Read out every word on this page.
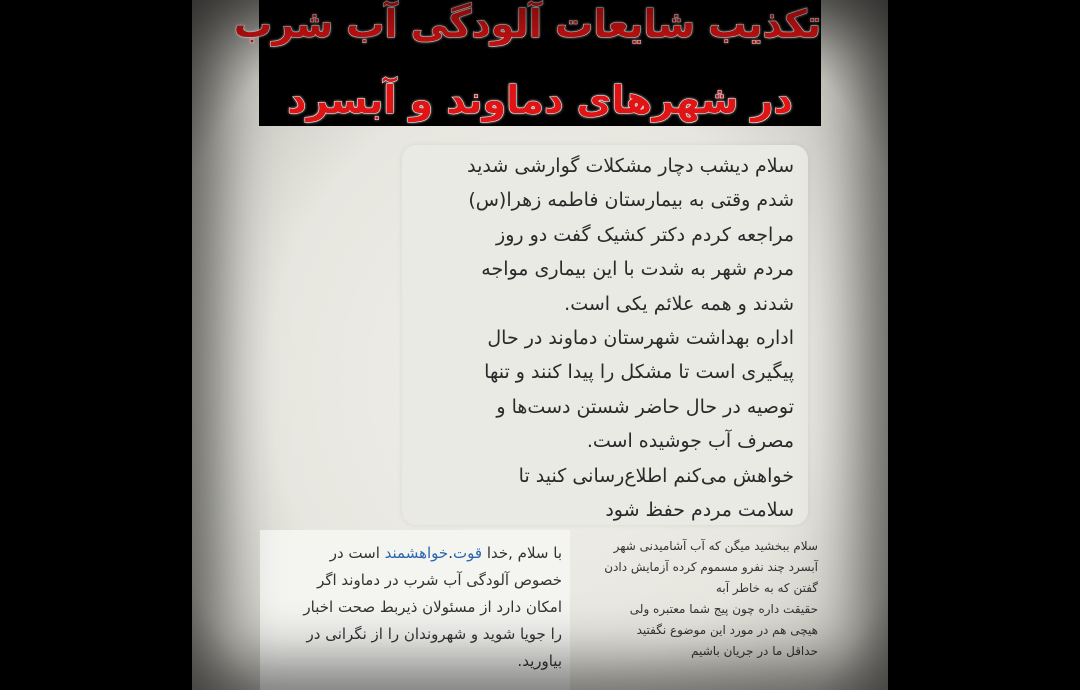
تکذیب شایعات آلودگی آب شرب
در شهرهای دماوند و آبسرد
سلام دیشب دچار مشکلات گوارشی شدید
شدم وقتی به بیمارستان فاطمه زهرا(س)
مراجعه کردم دکتر کشیک گفت دو روز
مردم شهر به شدت با این بیماری مواجه
شدند و همه علائم یکی است.
اداره بهداشت شهرستان دماوند در حال
پیگیری است تا مشکل را پیدا کنند و تنها
توصیه در حال حاضر شستن دست‌ها و
مصرف آب جوشیده است.
خواهش می‌کنم اطلاع‌رسانی کنید تا
سلامت مردم حفظ شود
با سلام ,خدا قوت.خواهشمند است در
خصوص آلودگی آب شرب در دماوند اگر
امکان دارد از مسئولان ذیربط صحت اخبار
را جویا شوید و شهروندان را از نگرانی در
بیاورید.
سلام ببخشید میگن که آب آشامیدنی شهر
آبسرد چند نفرو مسموم کرده آزمایش دادن
گفتن که به خاطر آبه
حقیقت داره چون پیج شما معتبره ولی
هیچی هم در مورد این موضوع نگفتید
حداقل ما در جریان باشیم
